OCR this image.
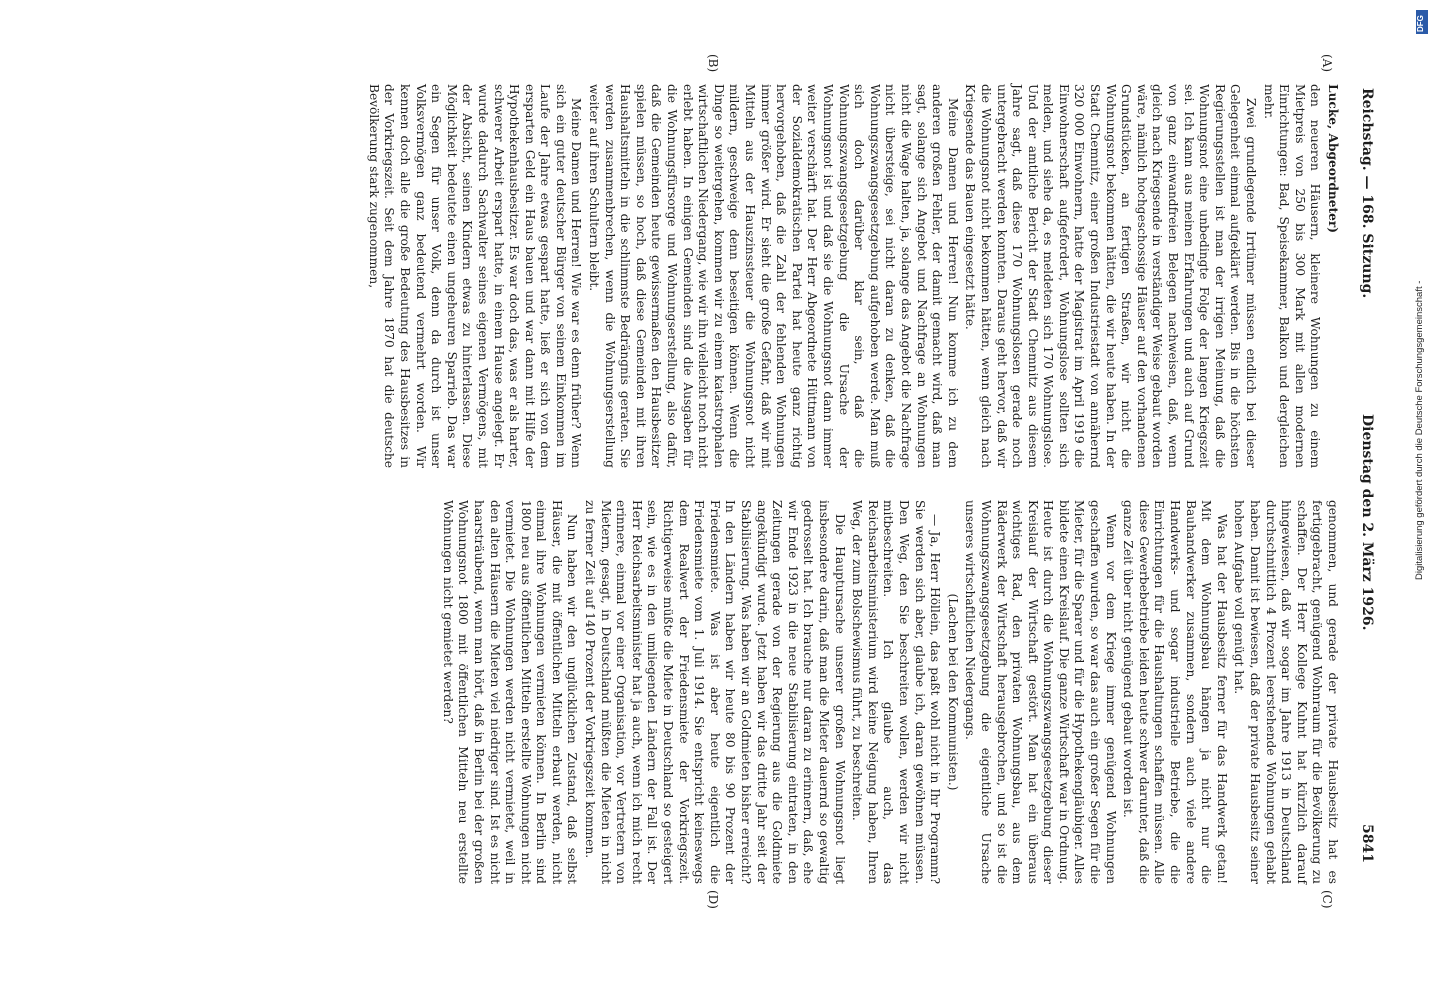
Reichstag. — 168. Sitzung.
Dienstag den 2. März 1926.
5841

Lucke, Abgeordneter)

den neueren Häusern, kleinere Wohnungen zu einem Mietpreis von 250 bis 300 Mark mit allen modernen Einrichtungen: Bad, Speisekammer, Balkon und dergleichen mehr.

Zwei grundlegende Irrtümer müssen endlich bei dieser Gelegenheit einmal aufgeklärt werden. Bis in die höchsten Regierungsstellen ist man der irrigen Meinung, daß die Wohnungsnot eine unbedingte Folge der langen Kriegszeit sei. Ich kann aus meinen Erfahrungen und auch auf Grund von ganz einwandfreien Belegen nachweisen, daß, wenn gleich nach Kriegsende in verständiger Weise gebaut worden wäre, nämlich hochgeschossige Häuser auf den vorhandenen Grundstücken, an fertigen Straßen, wir nicht die Wohnungsnot bekommen hätten, die wir heute haben. In der Stadt Chemnitz, einer großen Industriestadt von annähernd 320 000 Einwohnern, hatte der Magistrat im April 1919 die Einwohnerschaft aufgefordert, Wohnungslose sollten sich melden, und siehe da, es meldeten sich 170 Wohnungslose. Und der amtliche Bericht der Stadt Chemnitz aus diesem Jahre sagt, daß diese 170 Wohnungslosen gerade noch untergebracht werden konnten. Daraus geht hervor, daß wir die Wohnungsnot nicht bekommen hätten, wenn gleich nach Kriegsende das Bauen eingesetzt hätte.

Meine Damen und Herren! Nun komme ich zu dem anderen großen Fehler, der damit gemacht wird, daß man sagt, solange sich Angebot und Nachfrage an Wohnungen nicht die Wage halten, ja, solange das Angebot die Nachfrage nicht übersteige, sei nicht daran zu denken, daß die Wohnungszwangsgesetzgebung aufgehoben werde. Man muß sich doch darüber klar sein, daß die Wohnungszwangsgesetzgebung die Ursache der Wohnungsnot ist und daß sie die Wohnungsnot dann immer weiter verschärft hat. Der Herr Abgeordnete Hüttmann von der Sozialdemokratischen Partei hat heute ganz richtig hervorgehoben, daß die Zahl der fehlenden Wohnungen immer größer wird. Er sieht die große Gefahr, daß wir mit Mitteln aus der Hauszinssteuer die Wohnungsnot nicht mildern, geschweige denn beseitigen können. Wenn die Dinge so weitergehen, kommen wir zu einem katastrophalen wirtschaftlichen Niedergang, wie wir ihn vielleicht noch nicht erlebt haben. In einigen Gemeinden sind die Ausgaben für die Wohnungsfürsorge und Wohnungserstellung, also dafür, daß die Gemeinden heute gewissermaßen den Hausbesitzer spielen müssen, so hoch, daß diese Gemeinden mit ihren Haushaltsmitteln in die schlimmste Bedrängnis geraten. Sie werden zusammenbrechen, wenn die Wohnungserstellung weiter auf ihren Schultern bleibt.

Meine Damen und Herren! Wie war es denn früher? Wenn sich ein guter deutscher Bürger von seinem Einkommen im Laufe der Jahre etwas gespart hatte, ließ er sich von dem ersparten Geld ein Haus bauen und war dann mit Hilfe der Hypothekenhausbesitzer. Es war doch das, was er als harter, schwerer Arbeit erspart hatte, in einem Hause angelegt. Er wurde dadurch Sachwalter seines eigenen Vermögens, mit der Absicht, seinen Kindern etwas zu hinterlassen. Diese Möglichkeit bedeutete einen ungeheuren Sparrieb. Das war ein Segen für unser Volk, denn da durch ist unser Volksvermögen ganz bedeutend vermehrt worden. Wir kennen doch alle die große Bedeutung des Hausbesitzes in der Vorkriegszeit. Seit dem Jahre 1870 hat die deutsche Bevölkerung stark zugenommen,

genommen, und gerade der private Hausbesitz hat es fertiggebracht, genügend Wohnraum für die Bevölkerung zu schaffen. Der Herr Kollege Kuhnt hat kürzlich darauf hingewiesen, daß wir sogar im Jahre 1913 in Deutschland durchschnittlich 4 Prozent leerstehende Wohnungen gehabt haben. Damit ist bewiesen, daß der private Hausbesitz seiner hohen Aufgabe voll genügt hat.

Was hat der Hausbesitz ferner für das Handwerk getan! Mit dem Wohnungsbau hängen ja nicht nur die Bauhandwerker zusammen, sondern auch viele andere Handwerks- und sogar industrielle Betriebe, die die Einrichtungen für die Haushaltungen schaffen müssen. Alle diese Gewerbebetriebe leiden heute schwer darunter, daß die ganze Zeit über nicht genügend gebaut worden ist.

Wenn vor dem Kriege immer genügend Wohnungen geschaffen wurden, so war das auch ein großer Segen für die Mieter, für die Sparer und für die Hypothekengläubiger. Alles bildete einen Kreislauf. Die ganze Wirtschaft war in Ordnung. Heute ist durch die Wohnungszwangsgesetzgebung dieser Kreislauf der Wirtschaft gestört. Man hat ein überaus wichtiges Rad, den privaten Wohnungsbau, aus dem Räderwerk der Wirtschaft herausgebrochen, und so ist die Wohnungszwangsgesetzgebung die eigentliche Ursache unseres wirtschaftlichen Niedergangs.

(Lachen bei den Kommunisten.)

— Ja, Herr Höllein, das paßt wohl nicht in Ihr Programm? Sie werden sich aber, glaube ich, daran gewöhnen müssen. Den Weg, den Sie beschreiten wollen, werden wir nicht mitbeschreiten. Ich glaube auch, das Reichsarbeitsministerium wird keine Neigung haben, Ihren Weg, der zum Bolschewismus führt, zu beschreiten.

Die Hauptursache unserer großen Wohnungsnot liegt insbesondere darin, daß man die Mieter dauernd so gewaltig gedrosselt hat. Ich brauche nur daran zu erinnern, daß, ehe wir Ende 1923 in die neue Stabilisierung eintraten, in den Zeitungen gerade von der Regierung aus die Goldmiete angekündigt wurde. Jetzt haben wir das dritte Jahr seit der Stabilisierung. Was haben wir an Goldmieten bisher erreicht? In den Ländern haben wir heute 80 bis 90 Prozent der Friedensmiete. Was ist aber heute eigentlich die Friedensmiete vom 1. Juli 1914. Sie entspricht keineswegs dem Realwert der Friedensmiete der Vorkriegszeit. Richtigerweise müßte die Miete in Deutschland so gesteigert sein, wie es in den umliegenden Ländern der Fall ist. Der Herr Reichsarbeitsminister hat ja auch, wenn ich mich recht erinnere, einmal vor einer Organisation, vor Vertretern von Mietern, gesagt, in Deutschland müßten die Mieten in nicht zu ferner Zeit auf 140 Prozent der Vorkriegszeit kommen.

Nun haben wir den unglücklichen Zustand, daß selbst Häuser, die mit öffentlichen Mitteln erbaut werden, nicht einmal ihre Wohnungen vermieten können. In Berlin sind 1800 neu aus öffentlichen Mitteln erstellte Wohnungen nicht vermietet. Die Wohnungen werden nicht vermietet, weil in den alten Häusern die Mieten viel niedriger sind. Ist es nicht haarsträubend, wenn man hört, daß in Berlin bei der großen Wohnungsnot 1800 mit öffentlichen Mitteln neu erstellte Wohnungen nicht gemietet werden?

(A)
(B)
(C)
(D)
DFG
Digitalisierung gefördert durch die Deutsche Forschungsgemeinschaft -
